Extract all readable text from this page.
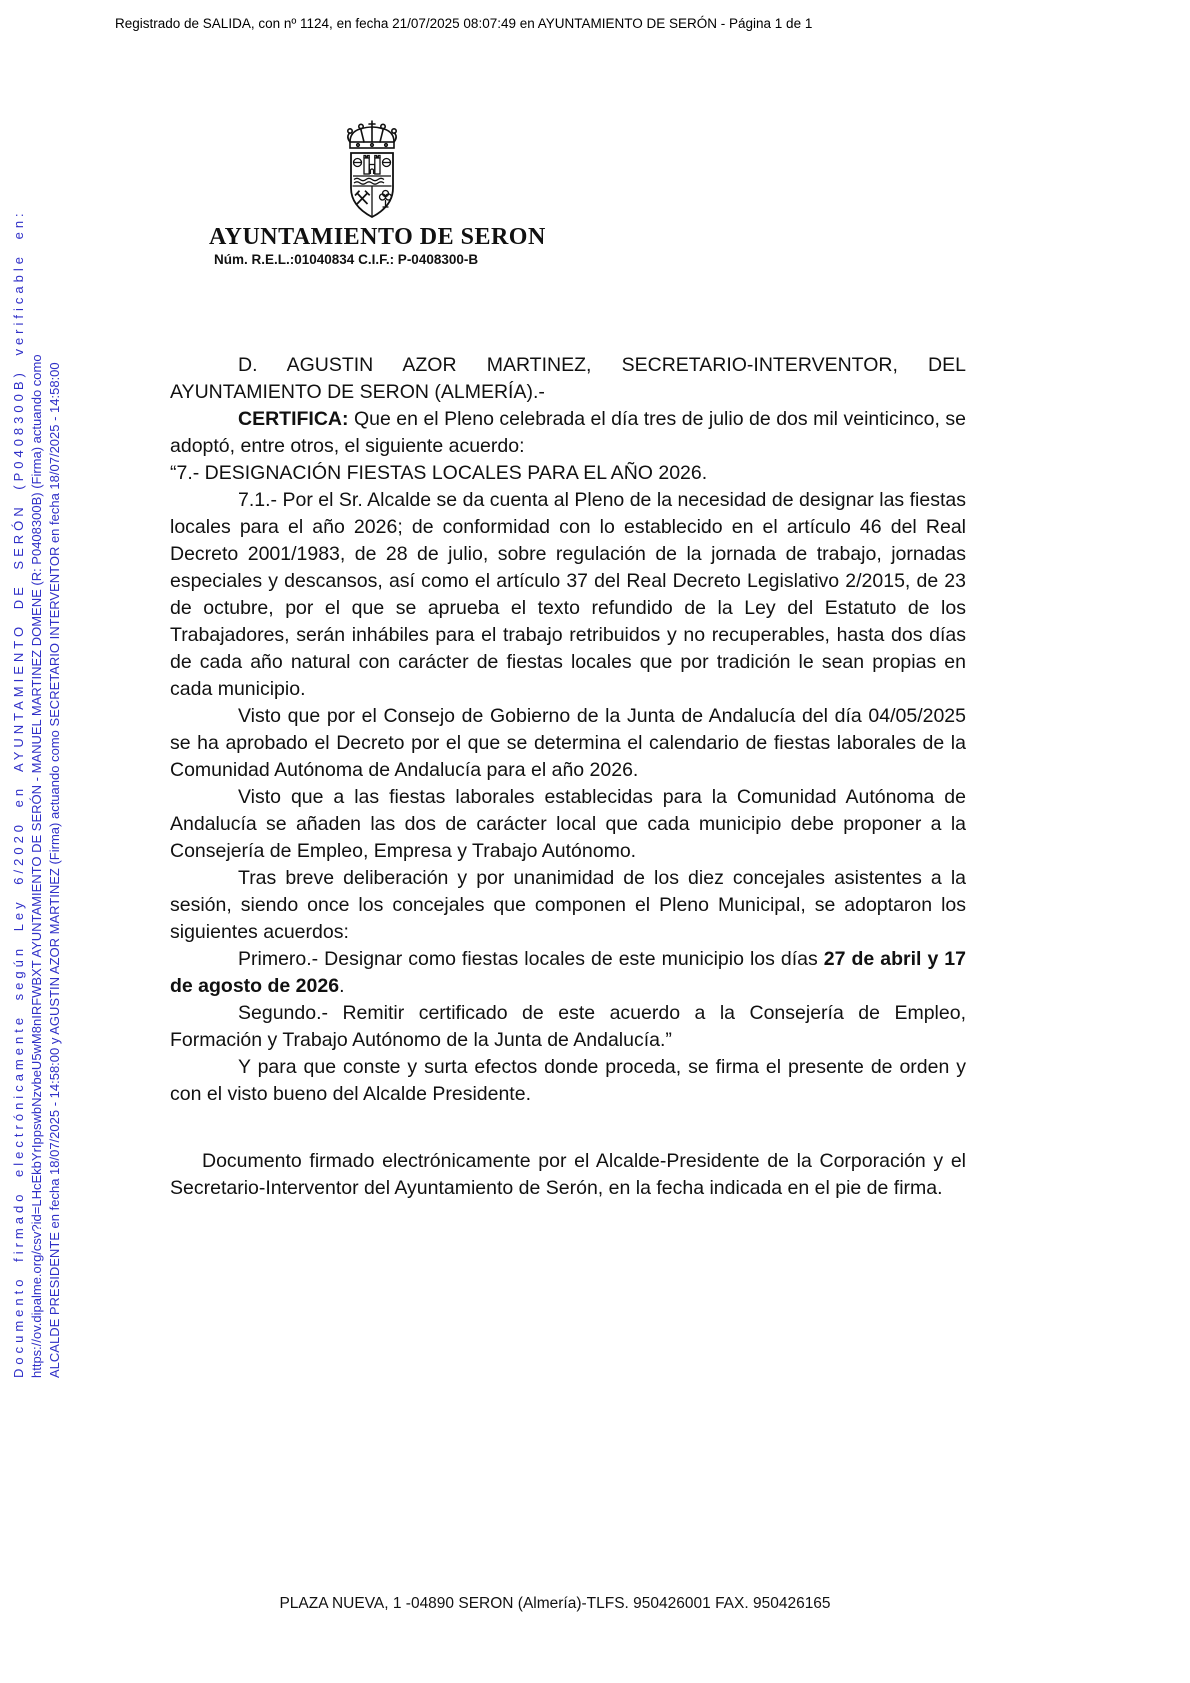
Registrado de SALIDA, con nº 1124, en fecha 21/07/2025 08:07:49 en AYUNTAMIENTO DE SERÓN - Página 1 de 1
Documento firmado electrónicamente según Ley 6/2020 en AYUNTAMIENTO DE SERÓN (P0408300B) verificable en: https://ov.dipalme.org/csv?id=LHcEkbYrIppswbNzvbeU5wM8nIRFWBXT AYUNTAMIENTO DE SERÓN - MANUEL MARTINEZ DOMENE (R: P0408300B) (Firma) actuando como ALCALDE PRESIDENTE en fecha 18/07/2025 - 14:58:00 y AGUSTIN AZOR MARTINEZ (Firma) actuando como SECRETARIO INTERVENTOR en fecha 18/07/2025 - 14:58:00
AYUNTAMIENTO DE SERON
Núm. R.E.L.:01040834 C.I.F.: P-0408300-B

D. AGUSTIN AZOR MARTINEZ, SECRETARIO-INTERVENTOR, DEL AYUNTAMIENTO DE SERON (ALMERÍA).-

CERTIFICA: Que en el Pleno celebrada el día tres de julio de dos mil veinticinco, se adoptó, entre otros, el siguiente acuerdo:

“7.- DESIGNACIÓN FIESTAS LOCALES PARA EL AÑO 2026.

7.1.- Por el Sr. Alcalde se da cuenta al Pleno de la necesidad de designar las fiestas locales para el año 2026; de conformidad con lo establecido en el artículo 46 del Real Decreto 2001/1983, de 28 de julio, sobre regulación de la jornada de trabajo, jornadas especiales y descansos, así como el artículo 37 del Real Decreto Legislativo 2/2015, de 23 de octubre, por el que se aprueba el texto refundido de la Ley del Estatuto de los Trabajadores, serán inhábiles para el trabajo retribuidos y no recuperables, hasta dos días de cada año natural con carácter de fiestas locales que por tradición le sean propias en cada municipio.

Visto que por el Consejo de Gobierno de la Junta de Andalucía del día 04/05/2025 se ha aprobado el Decreto por el que se determina el calendario de fiestas laborales de la Comunidad Autónoma de Andalucía para el año 2026.

Visto que a las fiestas laborales establecidas para la Comunidad Autónoma de Andalucía se añaden las dos de carácter local que cada municipio debe proponer a la Consejería de Empleo, Empresa y Trabajo Autónomo.

Tras breve deliberación y por unanimidad de los diez concejales asistentes a la sesión, siendo once los concejales que componen el Pleno Municipal, se adoptaron los siguientes acuerdos:

Primero.- Designar como fiestas locales de este municipio los días 27 de abril y 17 de agosto de 2026.

Segundo.- Remitir certificado de este acuerdo a la Consejería de Empleo, Formación y Trabajo Autónomo de la Junta de Andalucía.”

Y para que conste y surta efectos donde proceda, se firma el presente de orden y con el visto bueno del Alcalde Presidente.

Documento firmado electrónicamente por el Alcalde-Presidente de la Corporación y el Secretario-Interventor del Ayuntamiento de Serón, en la fecha indicada en el pie de firma.

PLAZA NUEVA, 1 -04890 SERON (Almería)-TLFS. 950426001 FAX. 950426165
